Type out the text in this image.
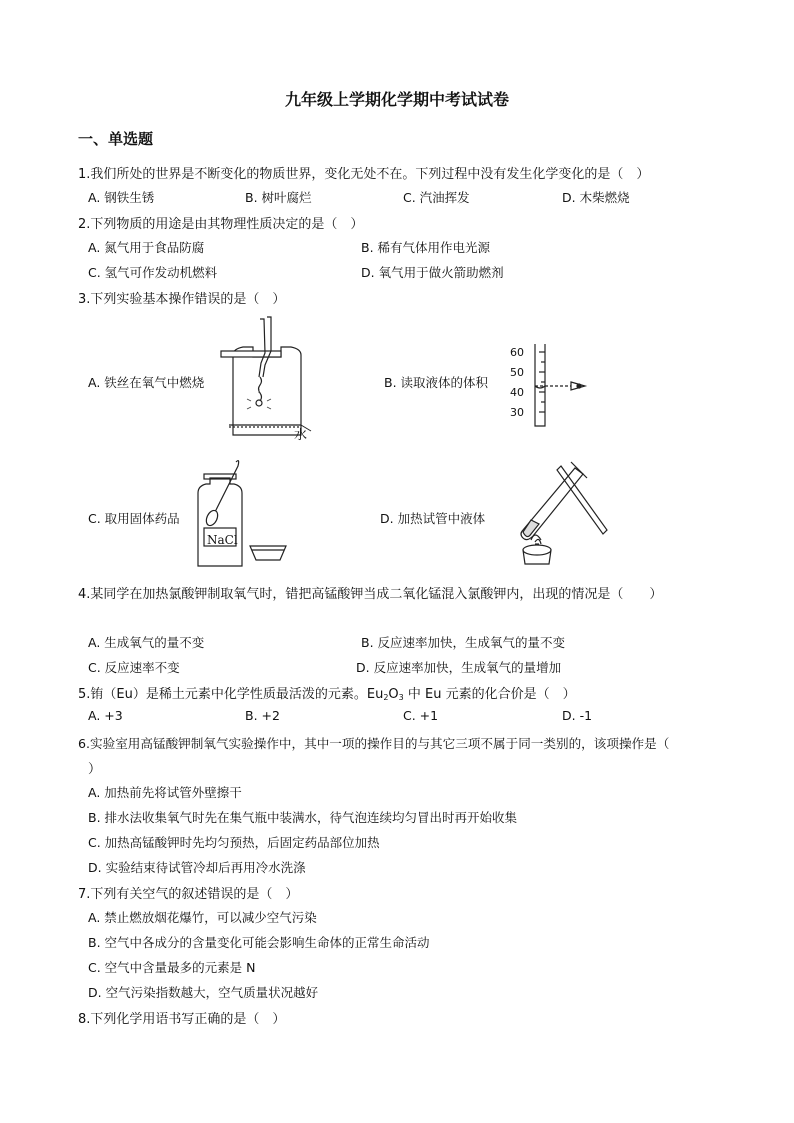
九年级上学期化学期中考试试卷
一、单选题
1.我们所处的世界是不断变化的物质世界，变化无处不在。下列过程中没有发生化学变化的是（　）
A. 钢铁生锈	B. 树叶腐烂	C. 汽油挥发	D. 木柴燃烧
2.下列物质的用途是由其物理性质决定的是（　）
A. 氮气用于食品防腐	B. 稀有气体用作电光源
C. 氢气可作发动机燃料	D. 氧气用于做火箭助燃剂
3.下列实验基本操作错误的是（　）
A. 铁丝在氧气中燃烧	B. 读取液体的体积
C. 取用固体药品	D. 加热试管中液体
水
60
50
40
30
NaCl
4.某同学在加热氯酸钾制取氧气时，错把高锰酸钾当成二氧化锰混入氯酸钾内，出现的情况是（　　）
A. 生成氧气的量不变	B. 反应速率加快，生成氧气的量不变
C. 反应速率不变	D. 反应速率加快，生成氧气的量增加
5.铕（Eu）是稀土元素中化学性质最活泼的元素。$Eu_2O_3$ 中 Eu 元素的化合价是（　）
A. +3	B. +2	C. +1	D. -1
6.实验室用高锰酸钾制氧气实验操作中，其中一项的操作目的与其它三项不属于同一类别的，该项操作是（
）
A. 加热前先将试管外壁擦干
B. 排水法收集氧气时先在集气瓶中装满水，待气泡连续均匀冒出时再开始收集
C. 加热高锰酸钾时先均匀预热，后固定药品部位加热
D. 实验结束待试管冷却后再用冷水洗涤
7.下列有关空气的叙述错误的是（　）
A. 禁止燃放烟花爆竹，可以减少空气污染
B. 空气中各成分的含量变化可能会影响生命体的正常生命活动
C. 空气中含量最多的元素是 N
D. 空气污染指数越大，空气质量状况越好
8.下列化学用语书写正确的是（　）
